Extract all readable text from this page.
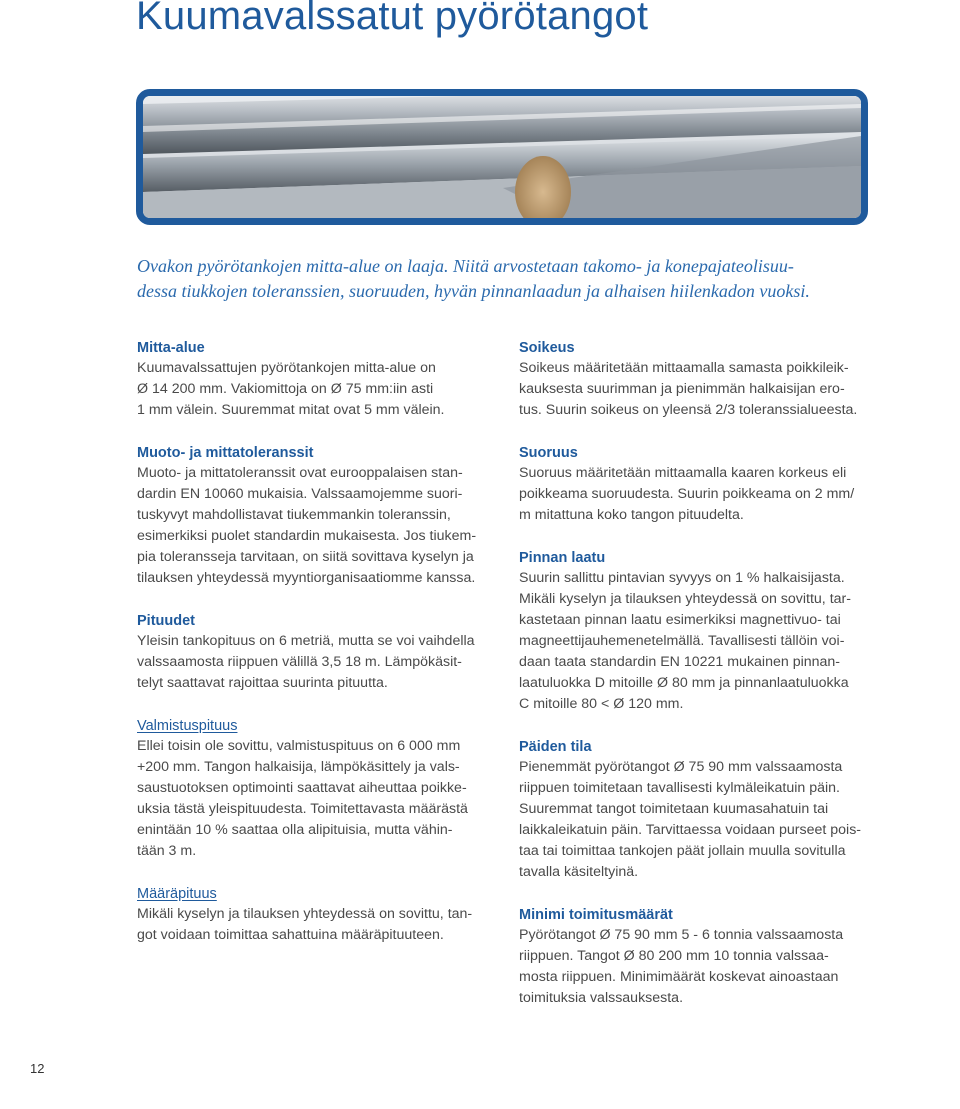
Kuumavalssatut pyörötangot

Ovakon pyörötankojen mitta-alue on laaja. Niitä arvostetaan takomo- ja konepajateolisuu-
dessa tiukkojen toleranssien, suoruuden, hyvän pinnanlaadun ja alhaisen hiilenkadon vuoksi.

Mitta-alue

Kuumavalssattujen pyörötankojen mitta-alue on
Ø 14 200 mm. Vakiomittoja on Ø 75 mm:iin asti
1 mm välein. Suuremmat mitat ovat 5 mm välein.

Muoto- ja mittatoleranssit

Muoto- ja mittatoleranssit ovat eurooppalaisen stan-
dardin EN 10060 mukaisia. Valssaamojemme suori-
tuskyvyt mahdollistavat tiukemmankin toleranssin,
esimerkiksi puolet standardin mukaisesta. Jos tiukem-
pia toleransseja tarvitaan, on siitä sovittava kyselyn ja
tilauksen yhteydessä myyntiorganisaatiomme kanssa.

Pituudet

Yleisin tankopituus on 6 metriä, mutta se voi vaihdella
valssaamosta riippuen välillä 3,5 18 m. Lämpökäsit-
telyt saattavat rajoittaa suurinta pituutta.

Valmistuspituus

Ellei toisin ole sovittu, valmistuspituus on 6 000 mm
+200 mm. Tangon halkaisija, lämpökäsittely ja vals-
saustuotoksen optimointi saattavat aiheuttaa poikke-
uksia tästä yleispituudesta. Toimitettavasta määrästä
enintään 10 % saattaa olla alipituisia, mutta vähin-
tään 3 m.

Määräpituus

Mikäli kyselyn ja tilauksen yhteydessä on sovittu, tan-
got voidaan toimittaa sahattuina määräpituuteen.

Soikeus

Soikeus määritetään mittaamalla samasta poikkileik-
kauksesta suurimman ja pienimmän halkaisijan ero-
tus. Suurin soikeus on yleensä 2/3 toleranssialueesta.

Suoruus

Suoruus määritetään mittaamalla kaaren korkeus eli
poikkeama suoruudesta. Suurin poikkeama on 2 mm/
m mitattuna koko tangon pituudelta.

Pinnan laatu

Suurin sallittu pintavian syvyys on 1 % halkaisijasta.
Mikäli kyselyn ja tilauksen yhteydessä on sovittu, tar-
kastetaan pinnan laatu esimerkiksi magnettivuo- tai
magneettijauhemenetelmällä. Tavallisesti tällöin voi-
daan taata standardin EN 10221 mukainen pinnan-
laatuluokka D mitoille Ø 80 mm ja pinnanlaatuluokka
C mitoille 80 < Ø 120 mm.

Päiden tila

Pienemmät pyörötangot Ø 75 90 mm valssaamosta
riippuen toimitetaan tavallisesti kylmäleikatuin päin.
Suuremmat tangot toimitetaan kuumasahatuin tai
laikkaleikatuin päin. Tarvittaessa voidaan purseet pois-
taa tai toimittaa tankojen päät jollain muulla sovitulla
tavalla käsiteltyinä.

Minimi toimitusmäärät

Pyörötangot Ø 75 90 mm 5 - 6 tonnia valssaamosta
riippuen. Tangot Ø 80 200 mm 10 tonnia valssaa-
mosta riippuen. Minimimäärät koskevat ainoastaan
toimituksia valssauksesta.

12
